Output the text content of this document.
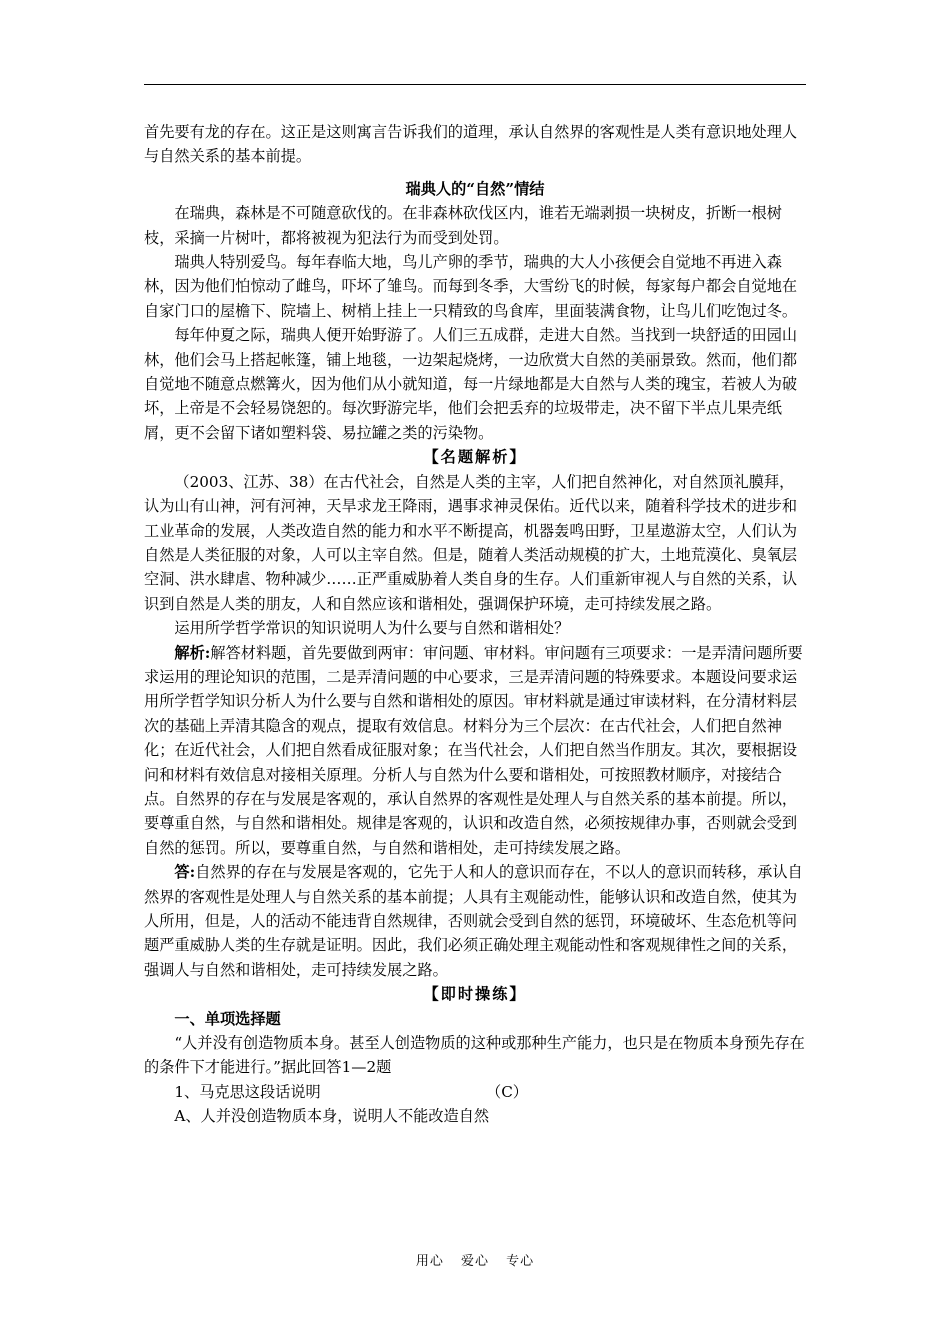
首先要有龙的存在。这正是这则寓言告诉我们的道理，承认自然界的客观性是人类有意识地处理人与自然关系的基本前提。

瑞典人的“自然”情结

在瑞典，森林是不可随意砍伐的。在非森林砍伐区内，谁若无端剥损一块树皮，折断一根树枝，采摘一片树叶，都将被视为犯法行为而受到处罚。

瑞典人特别爱鸟。每年春临大地，鸟儿产卵的季节，瑞典的大人小孩便会自觉地不再进入森林，因为他们怕惊动了雌鸟，吓坏了雏鸟。而每到冬季，大雪纷飞的时候，每家每户都会自觉地在自家门口的屋檐下、院墙上、树梢上挂上一只精致的鸟食库，里面装满食物，让鸟儿们吃饱过冬。

每年仲夏之际，瑞典人便开始野游了。人们三五成群，走进大自然。当找到一块舒适的田园山林，他们会马上搭起帐篷，铺上地毯，一边架起烧烤，一边欣赏大自然的美丽景致。然而，他们都自觉地不随意点燃篝火，因为他们从小就知道，每一片绿地都是大自然与人类的瑰宝，若被人为破坏，上帝是不会轻易饶恕的。每次野游完毕，他们会把丢弃的垃圾带走，决不留下半点儿果壳纸屑，更不会留下诸如塑料袋、易拉罐之类的污染物。

【名题解析】

（2003、江苏、38）在古代社会，自然是人类的主宰，人们把自然神化，对自然顶礼膜拜，认为山有山神，河有河神，天旱求龙王降雨，遇事求神灵保佑。近代以来，随着科学技术的进步和工业革命的发展，人类改造自然的能力和水平不断提高，机器轰鸣田野，卫星遨游太空，人们认为自然是人类征服的对象，人可以主宰自然。但是，随着人类活动规模的扩大，土地荒漠化、臭氧层空洞、洪水肆虐、物种减少……正严重威胁着人类自身的生存。人们重新审视人与自然的关系，认识到自然是人类的朋友，人和自然应该和谐相处，强调保护环境，走可持续发展之路。

运用所学哲学常识的知识说明人为什么要与自然和谐相处？

解析:解答材料题，首先要做到两审：审问题、审材料。审问题有三项要求：一是弄清问题所要求运用的理论知识的范围，二是弄清问题的中心要求，三是弄清问题的特殊要求。本题设问要求运用所学哲学知识分析人为什么要与自然和谐相处的原因。审材料就是通过审读材料，在分清材料层次的基础上弄清其隐含的观点，提取有效信息。材料分为三个层次：在古代社会，人们把自然神化；在近代社会，人们把自然看成征服对象；在当代社会，人们把自然当作朋友。其次，要根据设问和材料有效信息对接相关原理。分析人与自然为什么要和谐相处，可按照教材顺序，对接结合点。自然界的存在与发展是客观的，承认自然界的客观性是处理人与自然关系的基本前提。所以，要尊重自然，与自然和谐相处。规律是客观的，认识和改造自然，必须按规律办事，否则就会受到自然的惩罚。所以，要尊重自然，与自然和谐相处，走可持续发展之路。

答:自然界的存在与发展是客观的，它先于人和人的意识而存在，不以人的意识而转移，承认自然界的客观性是处理人与自然关系的基本前提；人具有主观能动性，能够认识和改造自然，使其为人所用，但是，人的活动不能违背自然规律，否则就会受到自然的惩罚，环境破坏、生态危机等问题严重威胁人类的生存就是证明。因此，我们必须正确处理主观能动性和客观规律性之间的关系，强调人与自然和谐相处，走可持续发展之路。

【即时操练】

一、单项选择题

“人并没有创造物质本身。甚至人创造物质的这种或那种生产能力，也只是在物质本身预先存在的条件下才能进行。”据此回答1—2题

1、马克思这段话说明	（C）

A、人并没创造物质本身，说明人不能改造自然

用心 爱心 专心
